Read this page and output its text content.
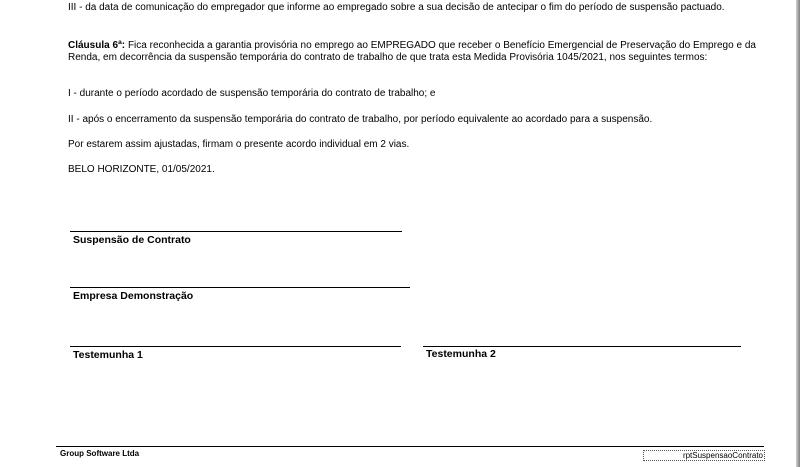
III - da data de comunicação do empregador que informe ao empregado sobre a sua decisão de antecipar o fim do período de suspensão pactuado.
Cláusula 6ª: Fica reconhecida a garantia provisória no emprego ao EMPREGADO que receber o Benefício Emergencial de Preservação do Emprego e da Renda, em decorrência da suspensão temporária do contrato de trabalho de que trata esta Medida Provisória 1045/2021, nos seguintes termos:
I - durante o período acordado de suspensão temporária do contrato de trabalho; e
II - após o encerramento da suspensão temporária do contrato de trabalho, por período equivalente ao acordado para a suspensão.
Por estarem assim ajustadas, firmam o presente acordo individual em 2 vias.
BELO HORIZONTE, 01/05/2021.
Suspensão de Contrato
Empresa Demonstração
Testemunha 1	Testemunha 2
Group Software Ltda	rptSuspensaoContrato
